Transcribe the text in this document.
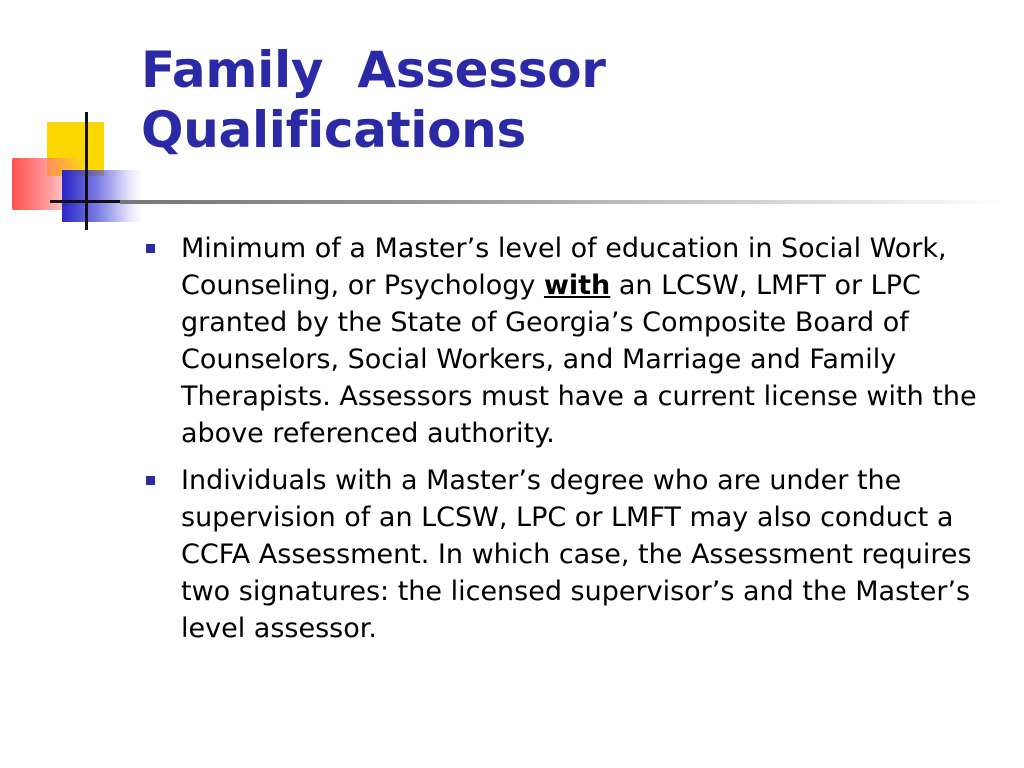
Family  Assessor
Qualifications
Minimum of a Master’s level of education in Social Work, Counseling, or Psychology with an LCSW, LMFT or LPC granted by the State of Georgia’s Composite Board of Counselors, Social Workers, and Marriage and Family Therapists. Assessors must have a current license with the above referenced authority.
Individuals with a Master’s degree who are under the supervision of an LCSW, LPC or LMFT may also conduct a CCFA Assessment. In which case, the Assessment requires two signatures: the licensed supervisor’s and the Master’s level assessor.
